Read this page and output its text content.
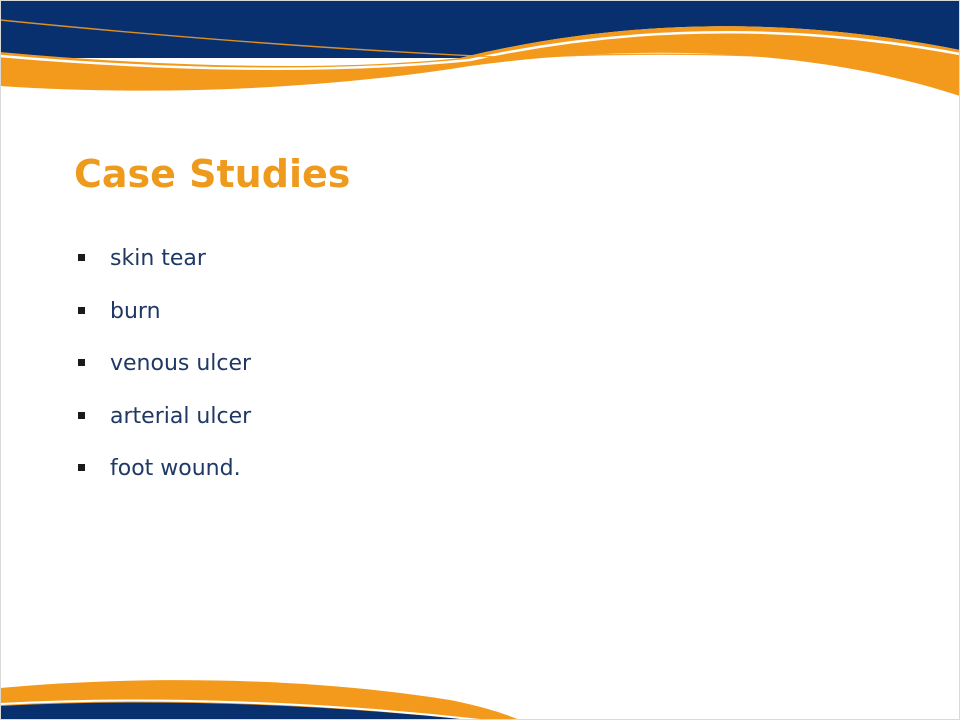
Case Studies
skin tear
burn
venous ulcer
arterial ulcer
foot wound.
